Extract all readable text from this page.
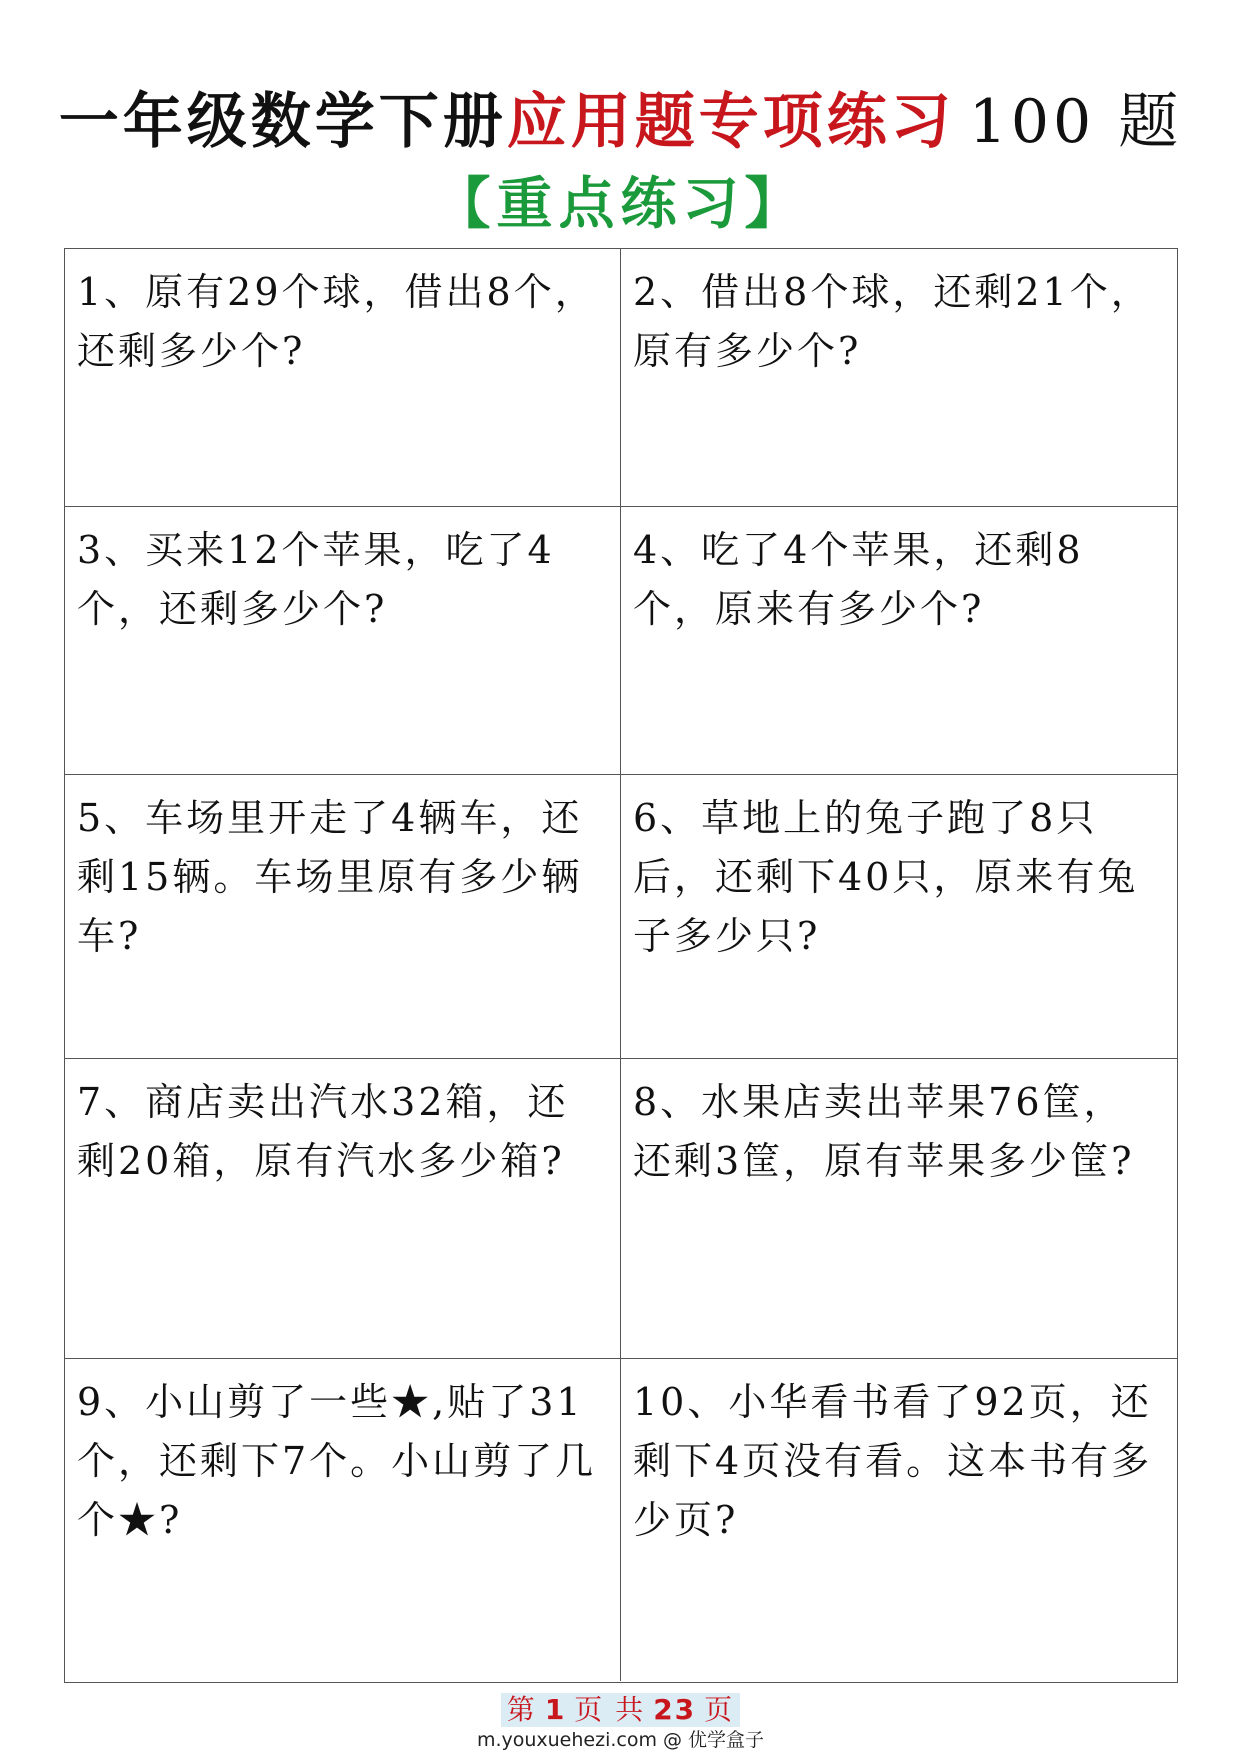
一年级数学下册应用题专项练习 100 题
【重点练习】
1、原有29个球，借出8个，还剩多少个?
2、借出8个球，还剩21个，原有多少个?
3、买来12个苹果，吃了4个，还剩多少个?
4、吃了4个苹果，还剩8个，原来有多少个?
5、车场里开走了4辆车，还剩15辆。车场里原有多少辆车?
6、草地上的兔子跑了8只后，还剩下40只，原来有兔子多少只?
7、商店卖出汽水32箱，还剩20箱，原有汽水多少箱?
8、水果店卖出苹果76筐，还剩3筐，原有苹果多少筐?
9、小山剪了一些★,贴了31个，还剩下7个。小山剪了几个★?
10、小华看书看了92页，还剩下4页没有看。这本书有多少页?
第 1 页 共 23 页
m.youxuehezi.com @ 优学盒子
